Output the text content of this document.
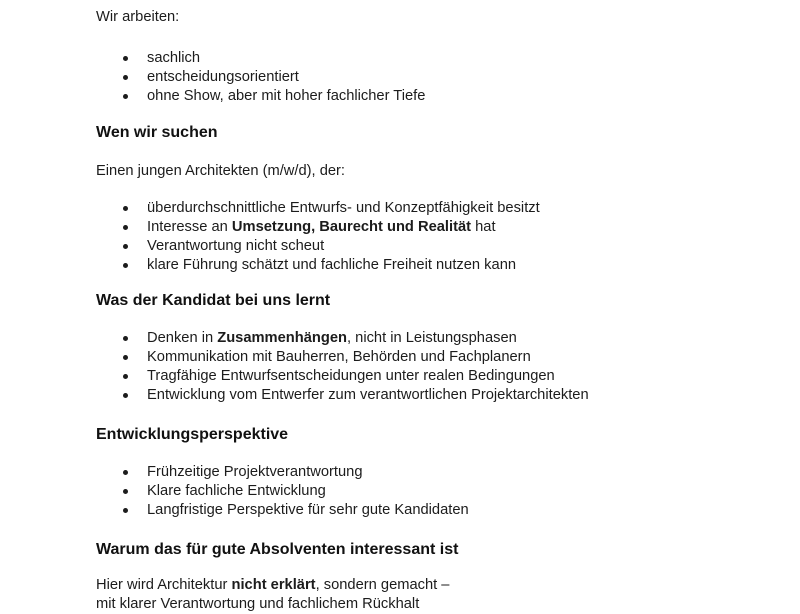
Wir arbeiten:

sachlich
entscheidungsorientiert
ohne Show, aber mit hoher fachlicher Tiefe
Wen wir suchen

Einen jungen Architekten (m/w/d), der:

überdurchschnittliche Entwurfs- und Konzeptfähigkeit besitzt
Interesse an Umsetzung, Baurecht und Realität hat
Verantwortung nicht scheut
klare Führung schätzt und fachliche Freiheit nutzen kann
Was der Kandidat bei uns lernt
Denken in Zusammenhängen, nicht in Leistungsphasen
Kommunikation mit Bauherren, Behörden und Fachplanern
Tragfähige Entwurfsentscheidungen unter realen Bedingungen
Entwicklung vom Entwerfer zum verantwortlichen Projektarchitekten
Entwicklungsperspektive
Frühzeitige Projektverantwortung
Klare fachliche Entwicklung
Langfristige Perspektive für sehr gute Kandidaten
Warum das für gute Absolventen interessant ist

Hier wird Architektur nicht erklärt, sondern gemacht –

mit klarer Verantwortung und fachlichem Rückhalt
